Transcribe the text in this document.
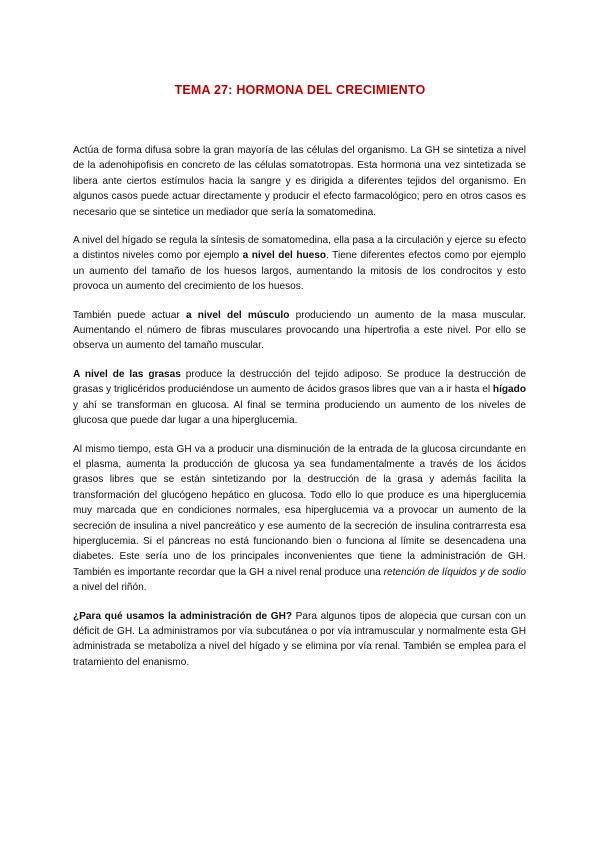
TEMA 27: HORMONA DEL CRECIMIENTO

Actúa de forma difusa sobre la gran mayoría de las células del organismo. La GH se sintetiza a nivel de la adenohipofisis en concreto de las células somatotropas. Esta hormona una vez sintetizada se libera ante ciertos estímulos hacia la sangre y es dirigida a diferentes tejidos del organismo. En algunos casos puede actuar directamente y producir el efecto farmacológico; pero en otros casos es necesario que se sintetice un mediador que sería la somatomedina.

A nivel del hígado se regula la síntesis de somatomedina, ella pasa a la circulación y ejerce su efecto a distintos niveles como por ejemplo a nivel del hueso. Tiene diferentes efectos como por ejemplo un aumento del tamaño de los huesos largos, aumentando la mitosis de los condrocitos y esto provoca un aumento del crecimiento de los huesos.

También puede actuar a nivel del músculo produciendo un aumento de la masa muscular. Aumentando el número de fibras musculares provocando una hipertrofia a este nivel. Por ello se observa un aumento del tamaño muscular.

A nivel de las grasas produce la destrucción del tejido adiposo. Se produce la destrucción de grasas y triglicéridos produciéndose un aumento de ácidos grasos libres que van a ir hasta el hígado y ahí se transforman en glucosa. Al final se termina produciendo un aumento de los niveles de glucosa que puede dar lugar a una hiperglucemia.

Al mismo tiempo, esta GH va a producir una disminución de la entrada de la glucosa circundante en el plasma, aumenta la producción de glucosa ya sea fundamentalmente a través de los ácidos grasos libres que se están sintetizando por la destrucción de la grasa y además facilita la transformación del glucógeno hepático en glucosa. Todo ello lo que produce es una hiperglucemia muy marcada que en condiciones normales, esa hiperglucemia va a provocar un aumento de la secreción de insulina a nivel pancreático y ese aumento de la secreción de insulina contrarresta esa hiperglucemia. Si el páncreas no está funcionando bien o funciona al límite se desencadena una diabetes. Este sería uno de los principales inconvenientes que tiene la administración de GH. También es importante recordar que la GH a nivel renal produce una retención de líquidos y de sodio a nivel del riñón.

¿Para qué usamos la administración de GH? Para algunos tipos de alopecia que cursan con un déficit de GH. La administramos por vía subcutánea o por vía intramuscular y normalmente esta GH administrada se metaboliza a nivel del hígado y se elimina por vía renal. También se emplea para el tratamiento del enanismo.
